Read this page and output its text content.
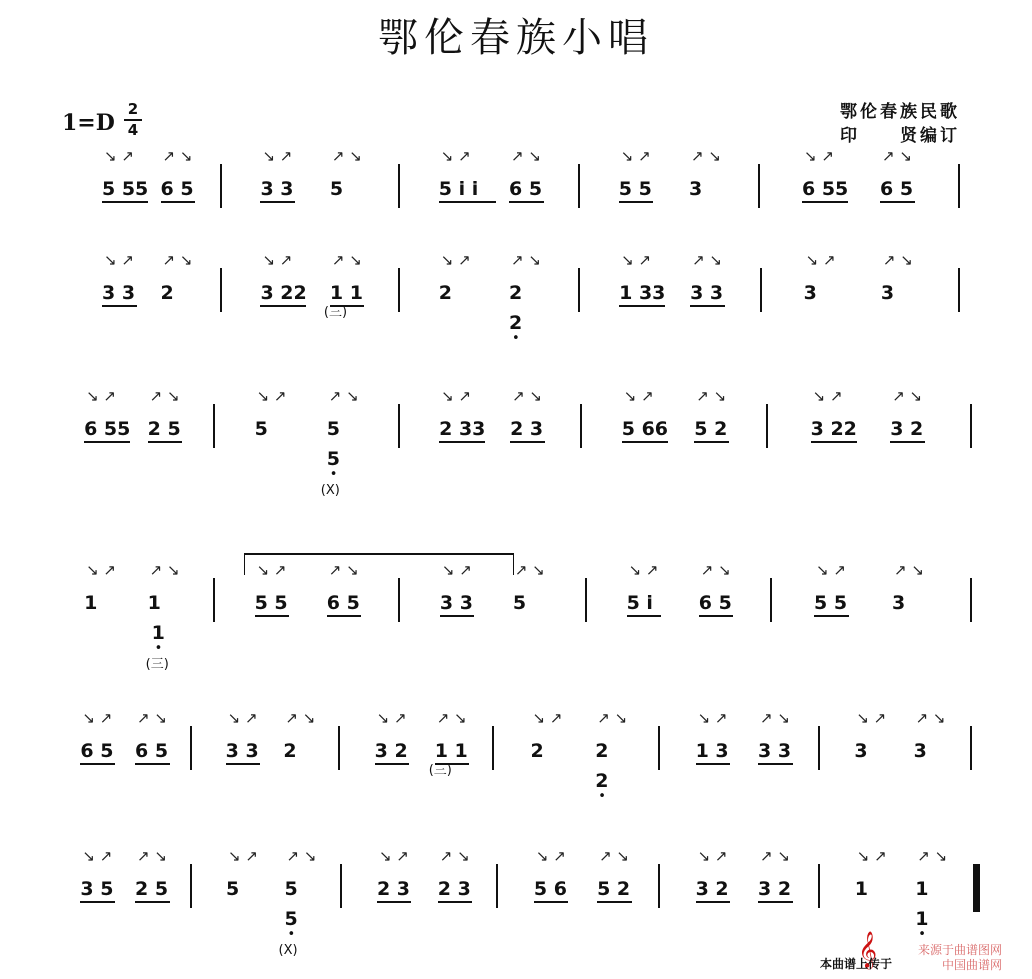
鄂伦春族小唱
1=D
2
4
鄂伦春族民歌
印　　贤编订
5 55
↘ ↗
6 5
↗ ↘
3 3
↘ ↗
5
↗ ↘
5 i i
↘ ↗
6 5
↗ ↘
5 5
↘ ↗
3
↗ ↘
6 55
↘ ↗
6 5
↗ ↘
3 3
↘ ↗
2
↗ ↘
3 22
↘ ↗
1 1
↗ ↘
(三)
2
↘ ↗
2
↗ ↘
2
•
1 33
↘ ↗
3 3
↗ ↘
3
↘ ↗
3
↗ ↘
6 55
↘ ↗
2 5
↗ ↘
5
↘ ↗
5
↗ ↘
5
•
(X)
2 33
↘ ↗
2 3
↗ ↘
5 66
↘ ↗
5 2
↗ ↘
3 22
↘ ↗
3 2
↗ ↘
1
↘ ↗
1
↗ ↘
1
•
(三)
5 5
↘ ↗
6 5
↗ ↘
3 3
↘ ↗
5
↗ ↘
5 i
↘ ↗
6 5
↗ ↘
5 5
↘ ↗
3
↗ ↘
6 5
↘ ↗
6 5
↗ ↘
3 3
↘ ↗
2
↗ ↘
3 2
↘ ↗
1 1
↗ ↘
(三)
2
↘ ↗
2
↗ ↘
2
•
1 3
↘ ↗
3 3
↗ ↘
3
↘ ↗
3
↗ ↘
3 5
↘ ↗
2 5
↗ ↘
5
↘ ↗
5
↗ ↘
5
•
(X)
2 3
↘ ↗
2 3
↗ ↘
5 6
↘ ↗
5 2
↗ ↘
3 2
↘ ↗
3 2
↗ ↘
1
↘ ↗
1
↗ ↘
1
•
𝄞
本曲谱上传于
来源于曲谱图网
中国曲谱网
